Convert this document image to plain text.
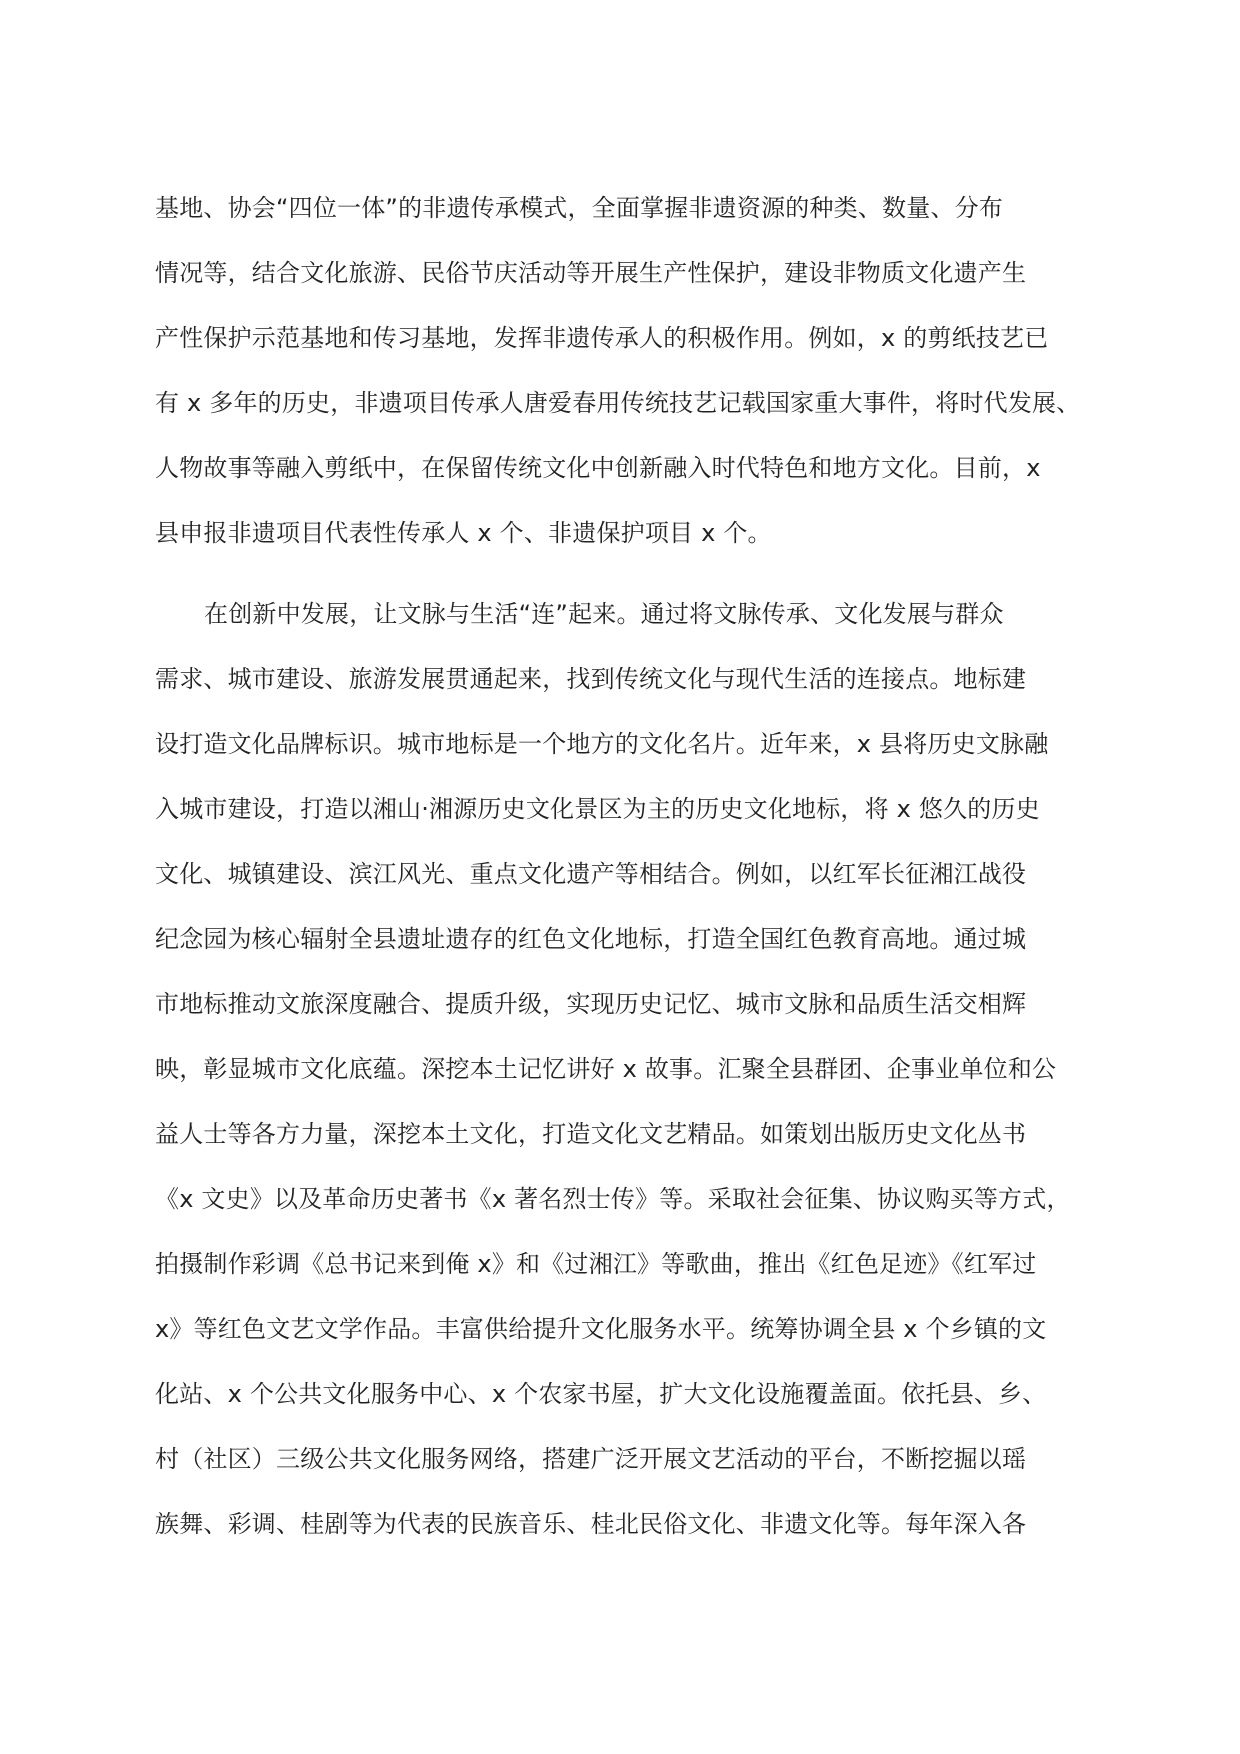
基地、协会“四位一体”的非遗传承模式，全面掌握非遗资源的种类、数量、分布
情况等，结合文化旅游、民俗节庆活动等开展生产性保护，建设非物质文化遗产生
产性保护示范基地和传习基地，发挥非遗传承人的积极作用。例如，x 的剪纸技艺已
有 x 多年的历史，非遗项目传承人唐爱春用传统技艺记载国家重大事件，将时代发展、
人物故事等融入剪纸中，在保留传统文化中创新融入时代特色和地方文化。目前，x
县申报非遗项目代表性传承人 x 个、非遗保护项目 x 个。
在创新中发展，让文脉与生活“连”起来。通过将文脉传承、文化发展与群众
需求、城市建设、旅游发展贯通起来，找到传统文化与现代生活的连接点。地标建
设打造文化品牌标识。城市地标是一个地方的文化名片。近年来，x 县将历史文脉融
入城市建设，打造以湘山·湘源历史文化景区为主的历史文化地标，将 x 悠久的历史
文化、城镇建设、滨江风光、重点文化遗产等相结合。例如，以红军长征湘江战役
纪念园为核心辐射全县遗址遗存的红色文化地标，打造全国红色教育高地。通过城
市地标推动文旅深度融合、提质升级，实现历史记忆、城市文脉和品质生活交相辉
映，彰显城市文化底蕴。深挖本土记忆讲好 x 故事。汇聚全县群团、企事业单位和公
益人士等各方力量，深挖本土文化，打造文化文艺精品。如策划出版历史文化丛书
《x 文史》以及革命历史著书《x 著名烈士传》等。采取社会征集、协议购买等方式，
拍摄制作彩调《总书记来到俺 x》和《过湘江》等歌曲，推出《红色足迹》《红军过
x》等红色文艺文学作品。丰富供给提升文化服务水平。统筹协调全县 x 个乡镇的文
化站、x 个公共文化服务中心、x 个农家书屋，扩大文化设施覆盖面。依托县、乡、
村（社区）三级公共文化服务网络，搭建广泛开展文艺活动的平台，不断挖掘以瑶
族舞、彩调、桂剧等为代表的民族音乐、桂北民俗文化、非遗文化等。每年深入各
